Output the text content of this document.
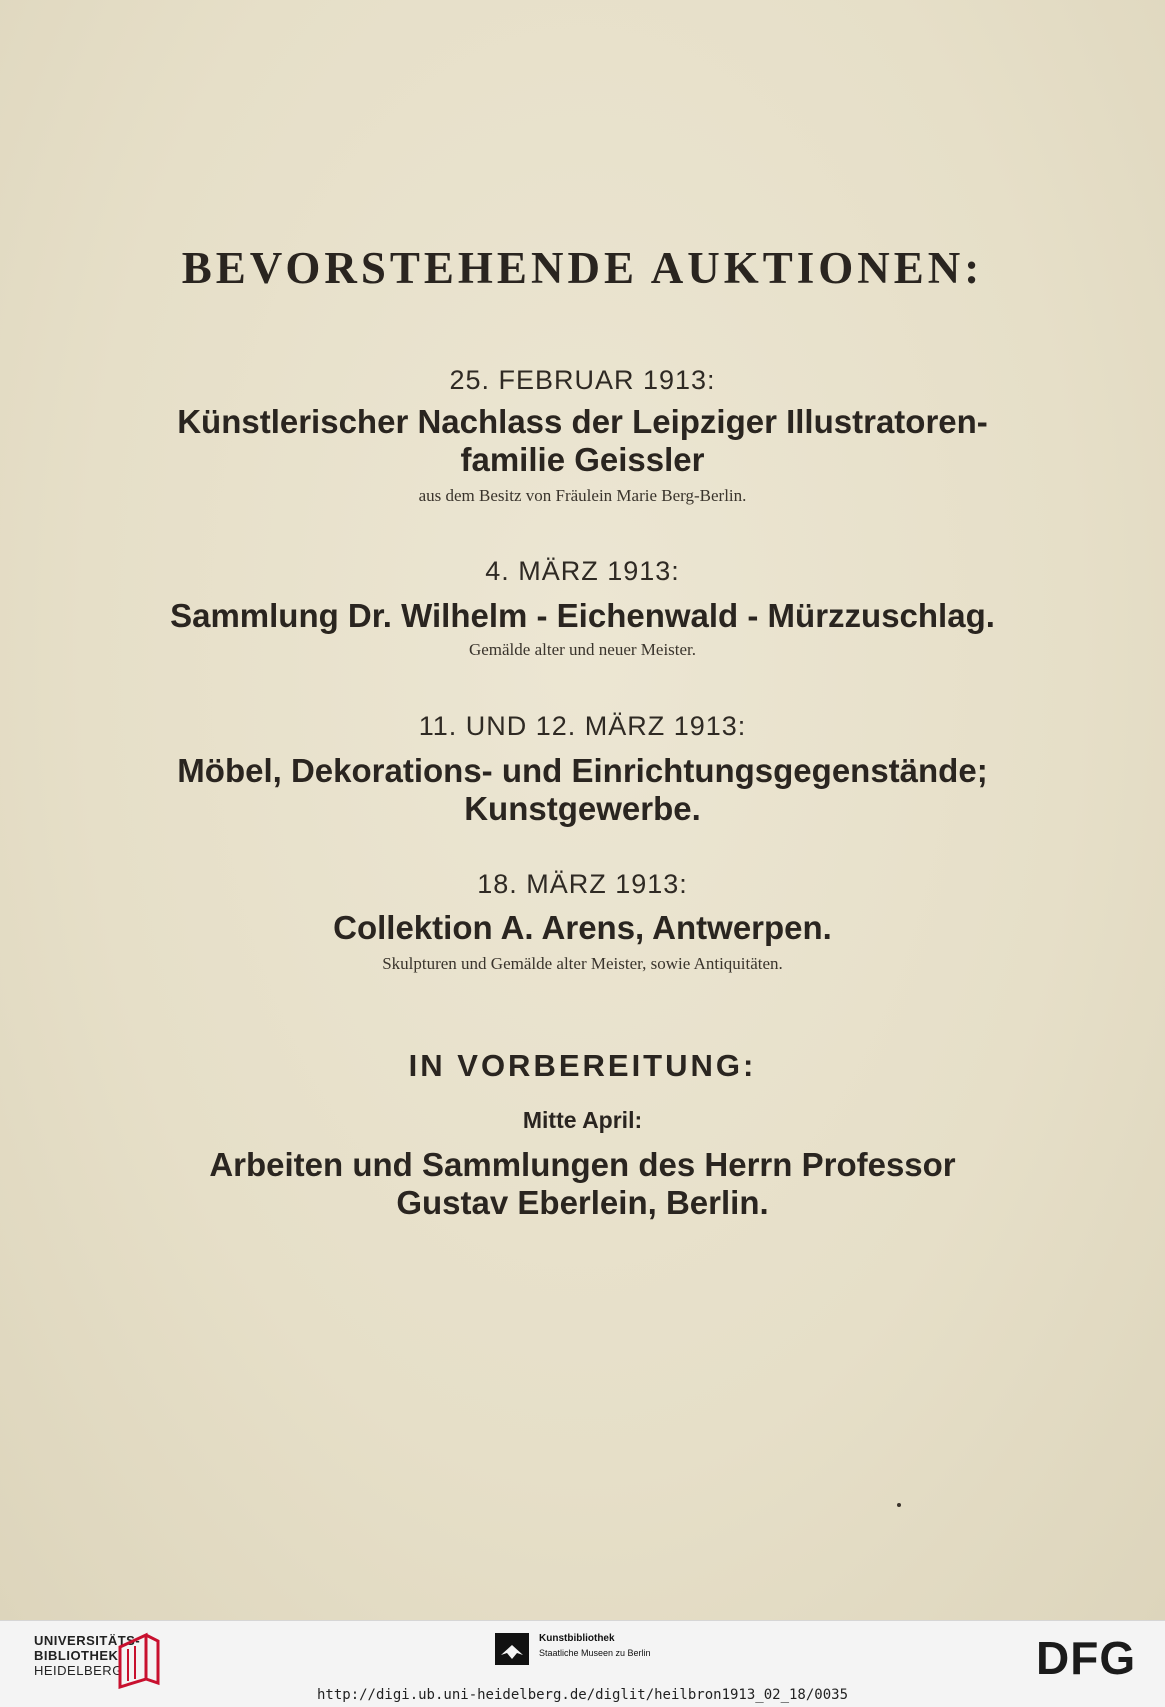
BEVORSTEHENDE AUKTIONEN:
25. FEBRUAR 1913:
Künstlerischer Nachlass der Leipziger Illustratoren-
familie Geissler
aus dem Besitz von Fräulein Marie Berg-Berlin.
4. MÄRZ 1913:
Sammlung Dr. Wilhelm - Eichenwald - Mürzzuschlag.
Gemälde alter und neuer Meister.
11. UND 12. MÄRZ 1913:
Möbel, Dekorations- und Einrichtungsgegenstände;
Kunstgewerbe.
18. MÄRZ 1913:
Collektion A. Arens, Antwerpen.
Skulpturen und Gemälde alter Meister, sowie Antiquitäten.
IN VORBEREITUNG:
Mitte April:
Arbeiten und Sammlungen des Herrn Professor
Gustav Eberlein, Berlin.
UNIVERSITÄTS-
BIBLIOTHEK
HEIDELBERG
Kunstbibliothek
Staatliche Museen zu Berlin	DFG
http://digi.ub.uni-heidelberg.de/diglit/heilbron1913_02_18/0035
